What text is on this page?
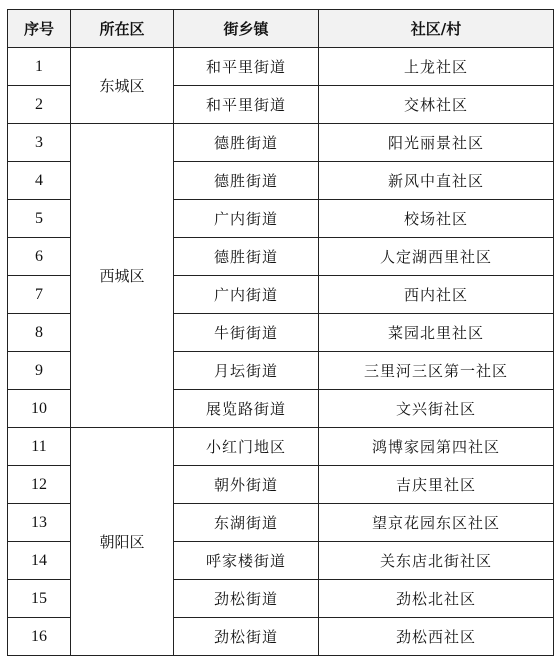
序号	所在区	街乡镇	社区/村
1	东城区	和平里街道	上龙社区
2		和平里街道	交林社区
3	西城区	德胜街道	阳光丽景社区
4		德胜街道	新风中直社区
5		广内街道	校场社区
6		德胜街道	人定湖西里社区
7		广内街道	西内社区
8		牛街街道	菜园北里社区
9		月坛街道	三里河三区第一社区
10		展览路街道	文兴街社区
11	朝阳区	小红门地区	鸿博家园第四社区
12		朝外街道	吉庆里社区
13		东湖街道	望京花园东区社区
14		呼家楼街道	关东店北街社区
15		劲松街道	劲松北社区
16		劲松街道	劲松西社区
